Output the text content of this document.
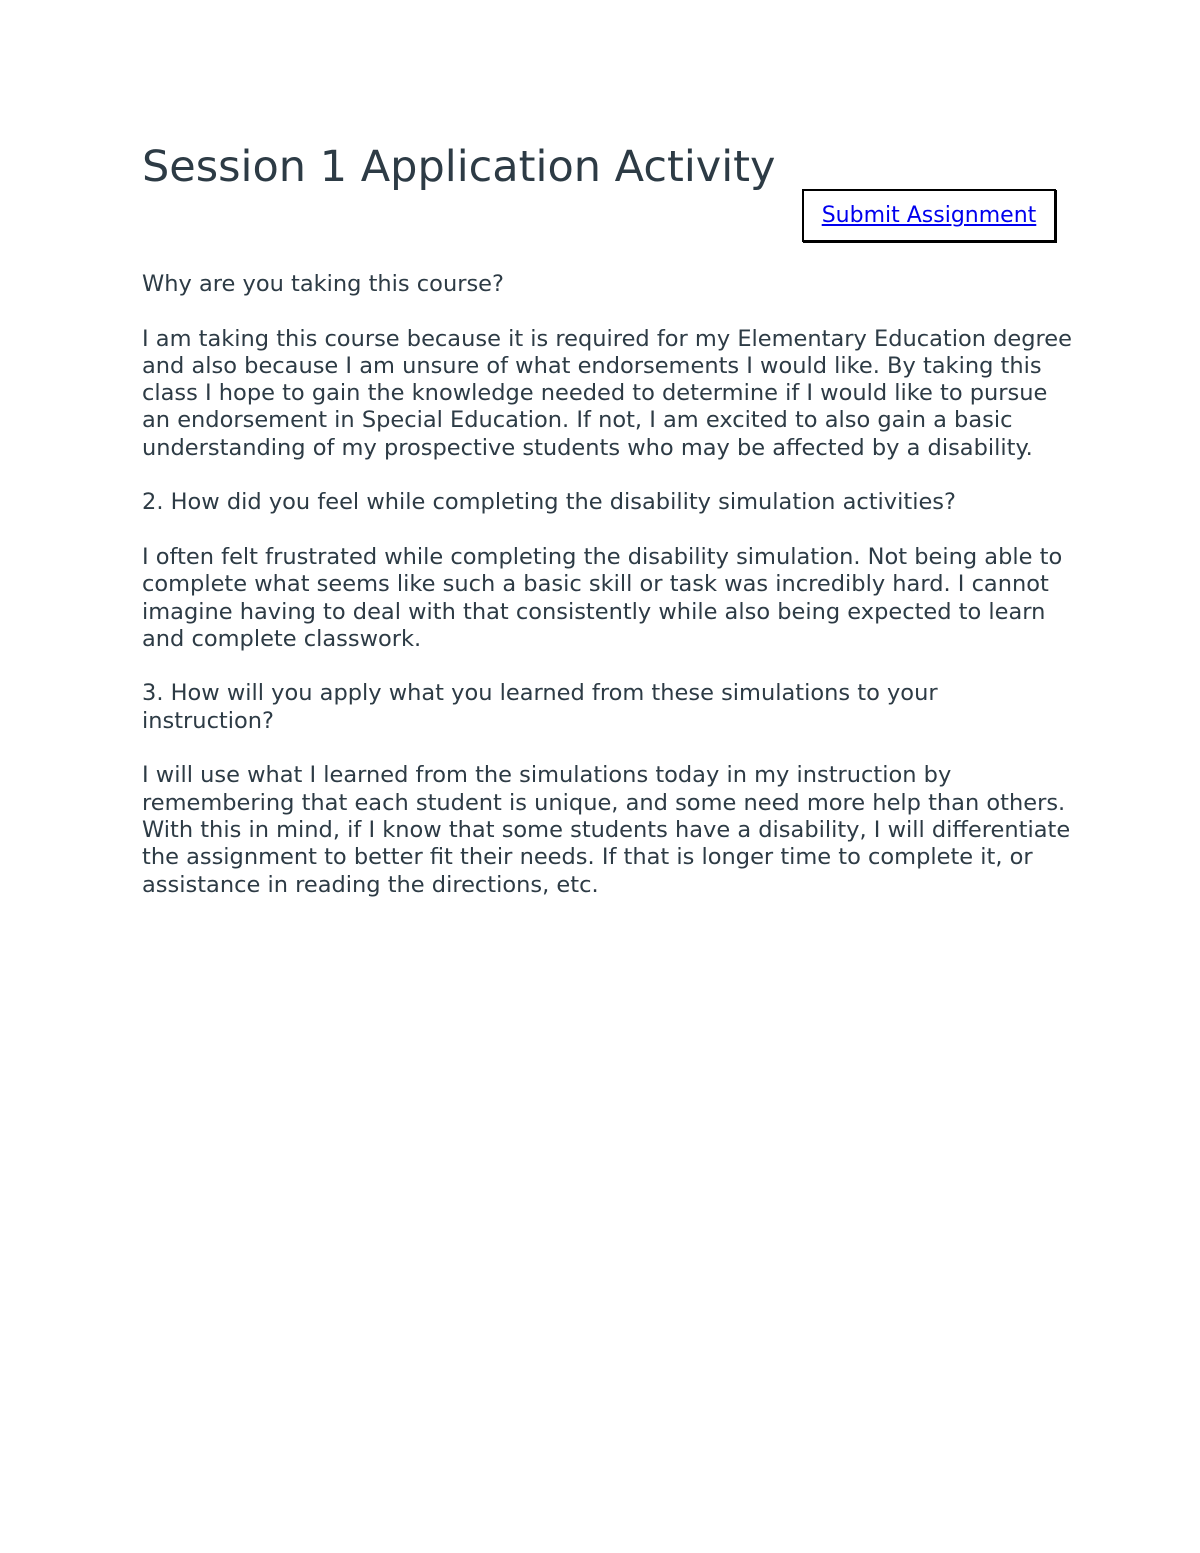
Session 1 Application Activity
Submit Assignment

Why are you taking this course?

I am taking this course because it is required for my Elementary Education degree and also because I am unsure of what endorsements I would like. By taking this class I hope to gain the knowledge needed to determine if I would like to pursue an endorsement in Special Education. If not, I am excited to also gain a basic understanding of my prospective students who may be affected by a disability.

2. How did you feel while completing the disability simulation activities?

I often felt frustrated while completing the disability simulation. Not being able to complete what seems like such a basic skill or task was incredibly hard. I cannot imagine having to deal with that consistently while also being expected to learn and complete classwork.

3. How will you apply what you learned from these simulations to your instruction?

I will use what I learned from the simulations today in my instruction by remembering that each student is unique, and some need more help than others. With this in mind, if I know that some students have a disability, I will differentiate the assignment to better fit their needs. If that is longer time to complete it, or assistance in reading the directions, etc.
